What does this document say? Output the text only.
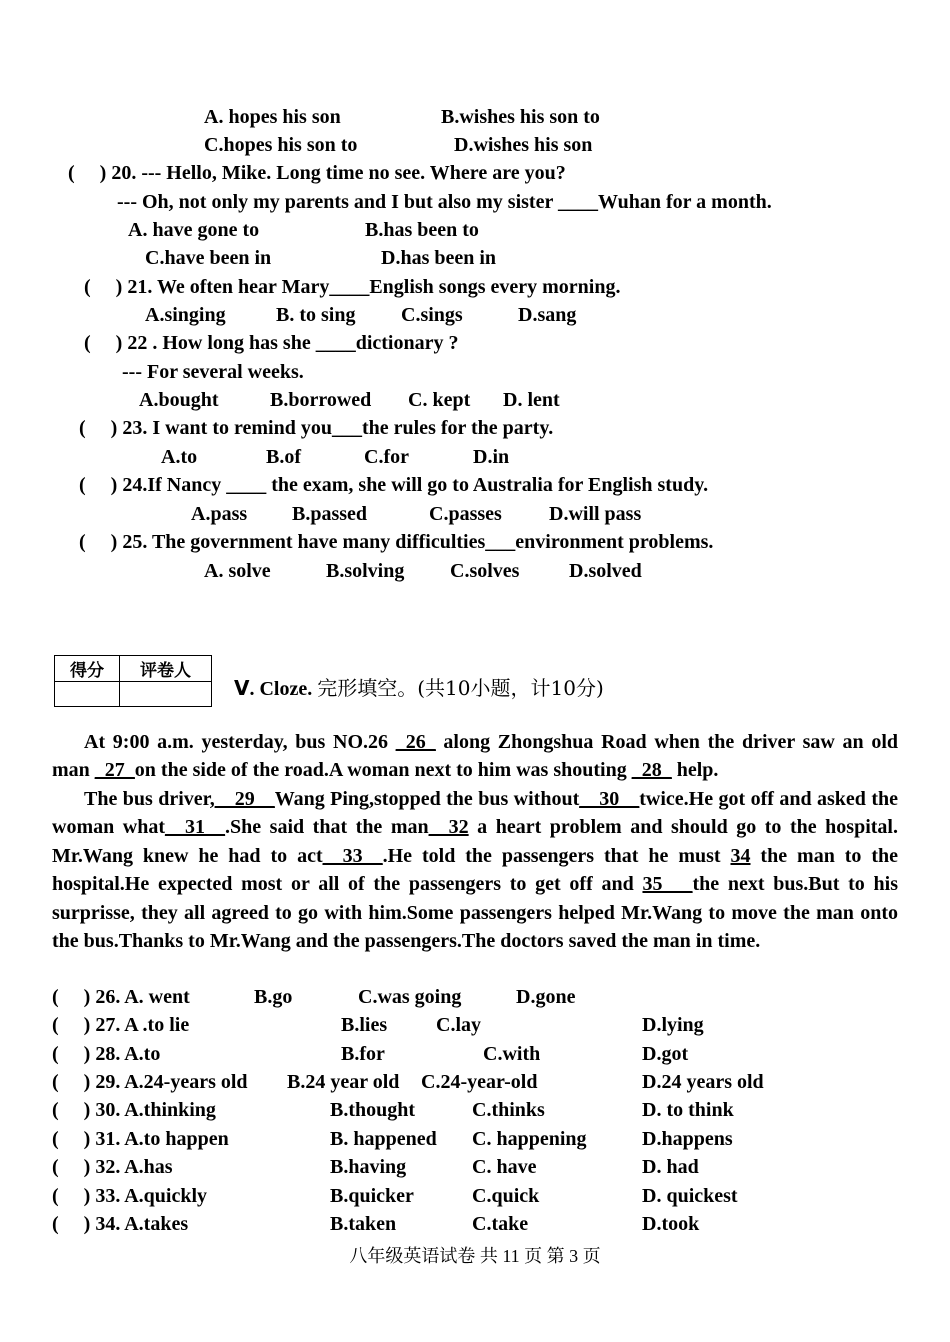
A. hopes his son	B.wishes his son to
C.hopes his son to	D.wishes his son
(     ) 20. --- Hello, Mike. Long time no see. Where are you?
--- Oh, not only my parents and I but also my sister ____Wuhan for a month.
A. have gone to	B.has been to
C.have been in	D.has been in
(     ) 21. We often hear Mary____English songs every morning.
A.singing	B. to sing C.sings	D.sang
(     ) 22 . How long has she ____dictionary ?
--- For several weeks.
A.bought	B.borrowed C. kept D. lent
(     ) 23. I want to remind you___the rules for the party.
A.to	B.of	C.for	D.in
(     ) 24.If Nancy ____ the exam, she will go to Australia for English study.
A.pass B.passed	C.passes D.will pass
(     ) 25. The government have many difficulties___environment problems.
A. solve	B.solving C.solves D.solved
得分	评卷人

Ⅴ. Cloze. 完形填空。(共10小题，计10分)

At 9:00 a.m. yesterday, bus NO.26 _26_ along Zhongshua Road when the driver saw an old man _27_on the side of the road.A woman next to him was shouting _28_ help.

The bus driver,__29__Wang Ping,stopped the bus without__30__twice.He got off and asked the woman what__31__.She said that the man__32 a heart problem and should go to the hospital. Mr.Wang knew he had to act__33__.He told the passengers that he must 34 the man to the hospital.He expected most or all of the passengers to get off and 35___the next bus.But to his surprisse, they all agreed to go with him.Some passengers helped Mr.Wang to move the man onto the bus.Thanks to Mr.Wang and the passengers.The doctors saved the man in time.

(     ) 26. A. went	B.go	C.was going	D.gone
(     ) 27. A .to lie	B.lies C.lay	D.lying
(     ) 28. A.to	B.for	C.with	D.got
(     ) 29. A.24-years old B.24 year old C.24-year-old	D.24 years old
(     ) 30. A.thinking	B.thought	C.thinks	D. to think
(     ) 31. A.to happen	B. happened C. happening	D.happens
(     ) 32. A.has	B.having	C. have	D. had
(     ) 33. A.quickly	B.quicker	C.quick	D. quickest
(     ) 34. A.takes	B.taken	C.take	D.took
八年级英语试卷 共 11 页 第 3 页
